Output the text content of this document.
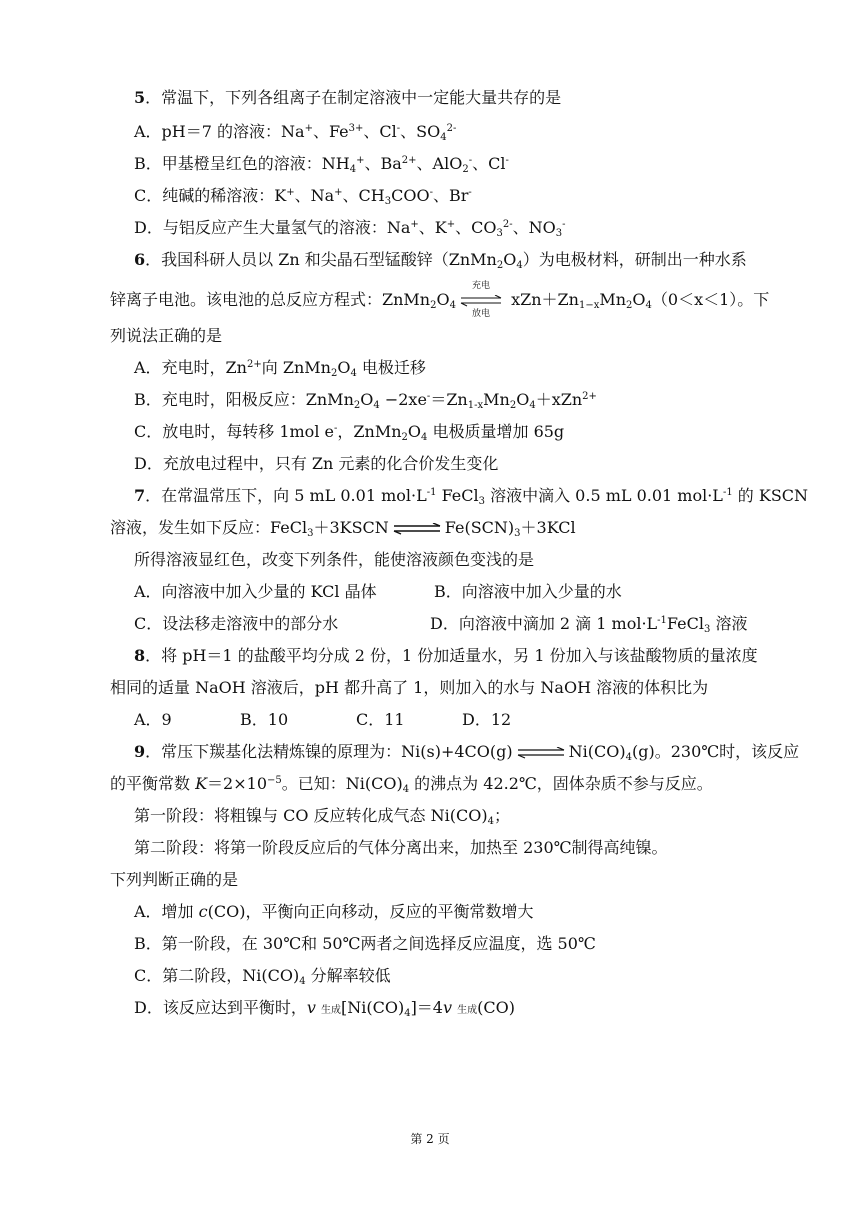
5．常温下，下列各组离子在制定溶液中一定能大量共存的是
A．pH＝7 的溶液：Na+、$Fe^{3+}$、Cl-、$SO_4^{2-}$
B．甲基橙呈红色的溶液：$NH_4^+$、$Ba^{2+}$、AlO$_2$-、Cl-
C．纯碱的稀溶液：K+、Na+、$CH_3COO^-$、Br-
D．与铝反应产生大量氢气的溶液：Na+、K+、$CO_3^{2-}$、$NO_3^-$
6．我国科研人员以 Zn 和尖晶石型锰酸锌$(ZnMn_2O_4)$为电极材料，研制出一种水系
锌离子电池。该电池的总反应方程式：$ZnMn_2O_4$
充电
放电
$xZn+Zn_{1-x}Mn_2O_4(0<x<1)$。下
列说法正确的是
A．充电时，$Zn^{2+}$向 $ZnMn_2O_4$ 电极迁移
B．充电时，阳极反应：$ZnMn_2O_4 -2xe^-=Zn_{1-x}Mn_2O_4+xZn^{2+}$
C．放电时，每转移 1mol e-，$ZnMn_2O_4$ 电极质量增加 65g
D．充放电过程中，只有 Zn 元素的化合价发生变化
7．在常温常压下，向 5 mL 0.01 $mol\cdot L^{-1}$ FeCl$_3$ 溶液中滴入 0.5 mL 0.01 $mol\cdot L^{-1}$ 的 KSCN
溶液，发生如下反应：FeCl$_3$＋3KSCN ⇌ $Fe(SCN)_3+3KCl$
所得溶液显红色，改变下列条件，能使溶液颜色变浅的是
A．向溶液中加入少量的 KCl 晶体	B．向溶液中加入少量的水
C．设法移走溶液中的部分水	D．向溶液中滴加 2 滴 1 $mol\cdot L^{-1}FeCl_3$ 溶液
8．将 pH＝1 的盐酸平均分成 2 份，1 份加适量水，另 1 份加入与该盐酸物质的量浓度
相同的适量 NaOH 溶液后，pH 都升高了 1，则加入的水与 NaOH 溶液的体积比为
A．9	B．10	C．11	D．12
9．常压下羰基化法精炼镍的原理为：Ni(s)+4CO(g) ⇌ $Ni(CO)_4(g)$。230℃时，该反应
的平衡常数 $K=2\times 10^{-5}$。已知：$Ni(CO)_4$ 的沸点为 42.2℃，固体杂质不参与反应。
第一阶段：将粗镍与 CO 反应转化成气态 $Ni(CO)_4$；
第二阶段：将第一阶段反应后的气体分离出来，加热至 230℃制得高纯镍。
下列判断正确的是
A．增加 c(CO)，平衡向正向移动，反应的平衡常数增大
B．第一阶段，在 30℃和 50℃两者之间选择反应温度，选 50℃
C．第二阶段，$Ni(CO)_4$ 分解率较低
D．该反应达到平衡时，v 生成$[Ni(CO)_4]=4v$ 生成(CO)
第 2 页
